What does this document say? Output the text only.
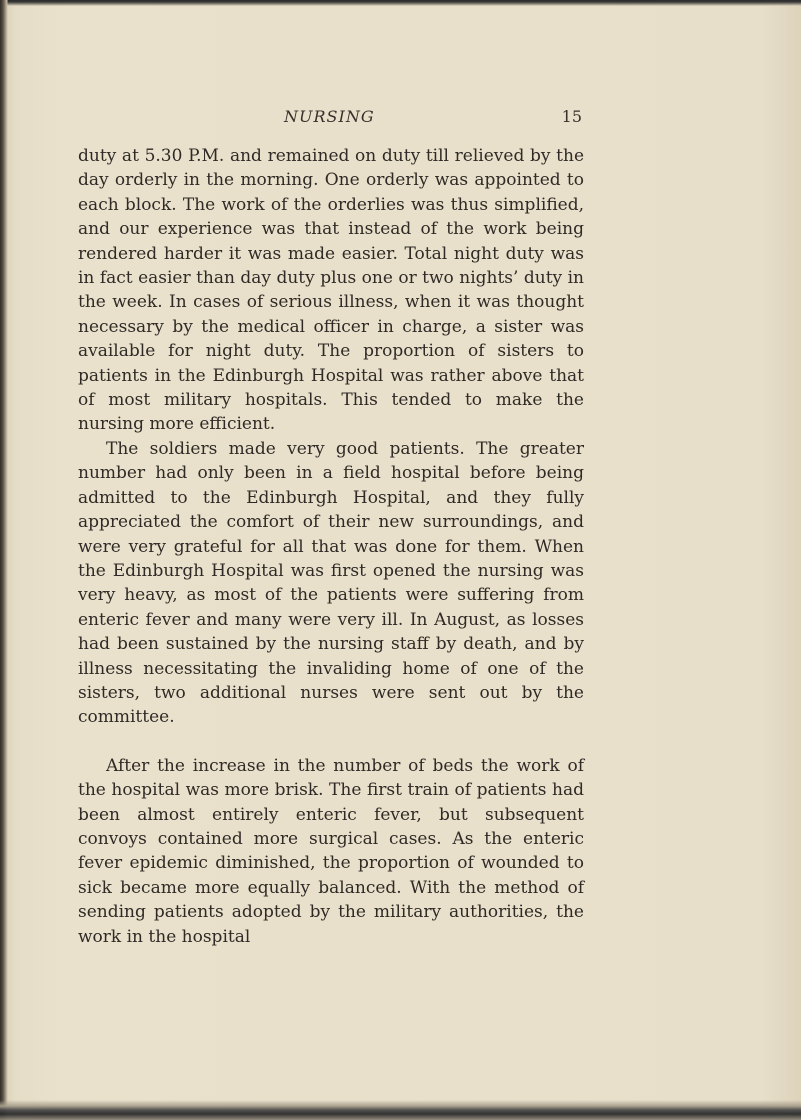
NURSING	15

duty at 5.30 P.M. and remained on duty till relieved by the day orderly in the morning. One orderly was appointed to each block. The work of the orderlies was thus simplified, and our experience was that instead of the work being rendered harder it was made easier. Total night duty was in fact easier than day duty plus one or two nights’ duty in the week. In cases of serious illness, when it was thought necessary by the medical officer in charge, a sister was available for night duty. The proportion of sisters to patients in the Edinburgh Hospital was rather above that of most military hospitals. This tended to make the nursing more efficient.

The soldiers made very good patients. The greater number had only been in a field hospital before being admitted to the Edinburgh Hospital, and they fully appreciated the comfort of their new surroundings, and were very grateful for all that was done for them. When the Edinburgh Hospital was first opened the nursing was very heavy, as most of the patients were suffering from enteric fever and many were very ill. In August, as losses had been sustained by the nursing staff by death, and by illness necessitating the invaliding home of one of the sisters, two additional nurses were sent out by the committee.

After the increase in the number of beds the work of the hospital was more brisk. The first train of patients had been almost entirely enteric fever, but subsequent convoys contained more surgical cases. As the enteric fever epidemic diminished, the proportion of wounded to sick became more equally balanced. With the method of sending patients adopted by the military authorities, the work in the hospital
